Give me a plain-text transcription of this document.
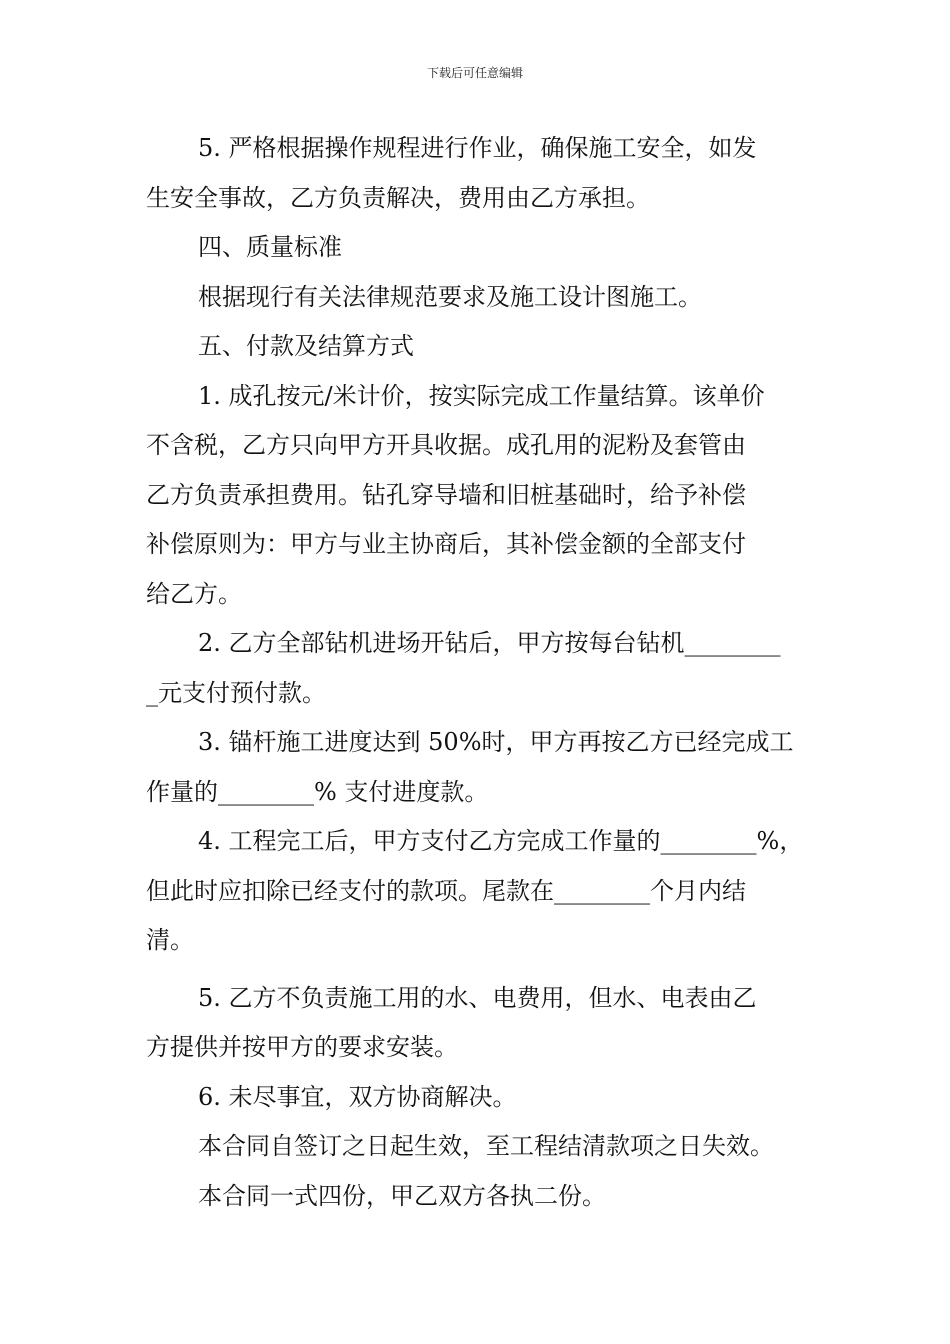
下载后可任意编辑

5. 严格根据操作规程进行作业，确保施工安全，如发

生安全事故，乙方负责解决，费用由乙方承担。

四、质量标准

根据现行有关法律规范要求及施工设计图施工。

五、付款及结算方式

1. 成孔按元/米计价，按实际完成工作量结算。该单价

不含税，乙方只向甲方开具收据。成孔用的泥粉及套管由

乙方负责承担费用。钻孔穿导墙和旧桩基础时，给予补偿

补偿原则为：甲方与业主协商后，其补偿金额的全部支付

给乙方。

2. 乙方全部钻机进场开钻后，甲方按每台钻机________

_元支付预付款。

3. 锚杆施工进度达到 50%时，甲方再按乙方已经完成工

作量的________% 支付进度款。

4. 工程完工后，甲方支付乙方完成工作量的________%，

但此时应扣除已经支付的款项。尾款在________个月内结

清。

5. 乙方不负责施工用的水、电费用，但水、电表由乙

方提供并按甲方的要求安装。

6. 未尽事宜，双方协商解决。

本合同自签订之日起生效，至工程结清款项之日失效。

本合同一式四份，甲乙双方各执二份。
